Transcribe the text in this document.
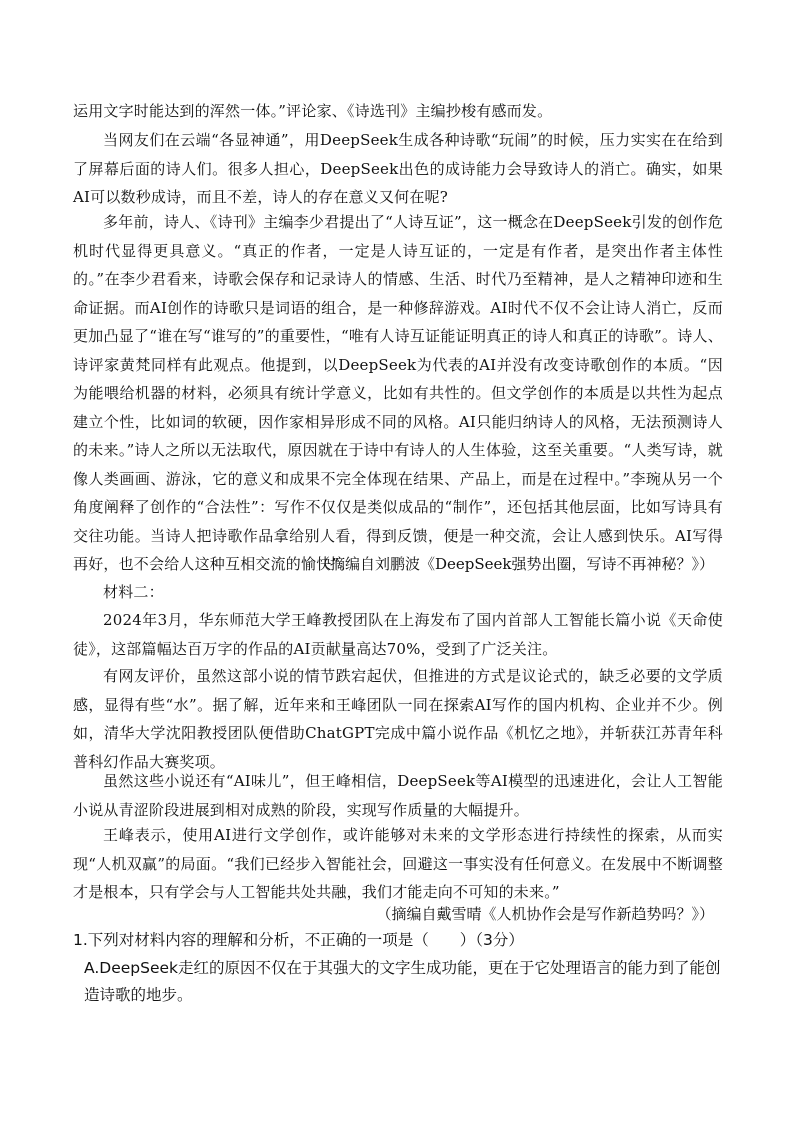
运用文字时能达到的浑然一体。”评论家、《诗选刊》主编抄梭有感而发。

当网友们在云端“各显神通”，用DeepSeek生成各种诗歌“玩闹”的时候，压力实实在在给到了屏幕后面的诗人们。很多人担心，DeepSeek出色的成诗能力会导致诗人的消亡。确实，如果AI可以数秒成诗，而且不差，诗人的存在意义又何在呢?

多年前，诗人、《诗刊》主编李少君提出了“人诗互证”，这一概念在DeepSeek引发的创作危机时代显得更具意义。“真正的作者，一定是人诗互证的，一定是有作者，是突出作者主体性的。”在李少君看来，诗歌会保存和记录诗人的情感、生活、时代乃至精神，是人之精神印迹和生命证据。而AI创作的诗歌只是词语的组合，是一种修辞游戏。AI时代不仅不会让诗人消亡，反而更加凸显了“谁在写“谁写的”的重要性，“唯有人诗互证能证明真正的诗人和真正的诗歌”。诗人、诗评家黄梵同样有此观点。他提到，以DeepSeek为代表的AI并没有改变诗歌创作的本质。“因为能喂给机器的材料，必须具有统计学意义，比如有共性的。但文学创作的本质是以共性为起点建立个性，比如词的软硬，因作家相异形成不同的风格。AI只能归纳诗人的风格，无法预测诗人的未来。”诗人之所以无法取代，原因就在于诗中有诗人的人生体验，这至关重要。“人类写诗，就像人类画画、游泳，它的意义和成果不完全体现在结果、产品上，而是在过程中。”李琬从另一个角度阐释了创作的“合法性”：写作不仅仅是类似成品的“制作”，还包括其他层面，比如写诗具有交往功能。当诗人把诗歌作品拿给别人看，得到反馈，便是一种交流，会让人感到快乐。AI写得再好，也不会给人这种互相交流的愉快”。

（摘编自刘鹏波《DeepSeek强势出圈，写诗不再神秘？》）

材料二：

2024年3月，华东师范大学王峰教授团队在上海发布了国内首部人工智能长篇小说《天命使徒》，这部篇幅达百万字的作品的AI贡献量高达70%，受到了广泛关注。

有网友评价，虽然这部小说的情节跌宕起伏，但推进的方式是议论式的，缺乏必要的文学质感，显得有些“水”。据了解，近年来和王峰团队一同在探索AI写作的国内机构、企业并不少。例如，清华大学沈阳教授团队便借助ChatGPT完成中篇小说作品《机忆之地》，并斩获江苏青年科普科幻作品大赛奖项。

虽然这些小说还有“AI味儿”，但王峰相信，DeepSeek等AI模型的迅速进化，会让人工智能小说从青涩阶段进展到相对成熟的阶段，实现写作质量的大幅提升。

王峰表示，使用AI进行文学创作，或许能够对未来的文学形态进行持续性的探索，从而实现“人机双赢”的局面。“我们已经步入智能社会，回避这一事实没有任何意义。在发展中不断调整才是根本，只有学会与人工智能共处共融，我们才能走向不可知的未来。”

（摘编自戴雪晴《人机协作会是写作新趋势吗？》）

1.下列对材料内容的理解和分析，不正确的一项是（　　）（3分）

A.DeepSeek走红的原因不仅在于其强大的文字生成功能，更在于它处理语言的能力到了能创造诗歌的地步。
